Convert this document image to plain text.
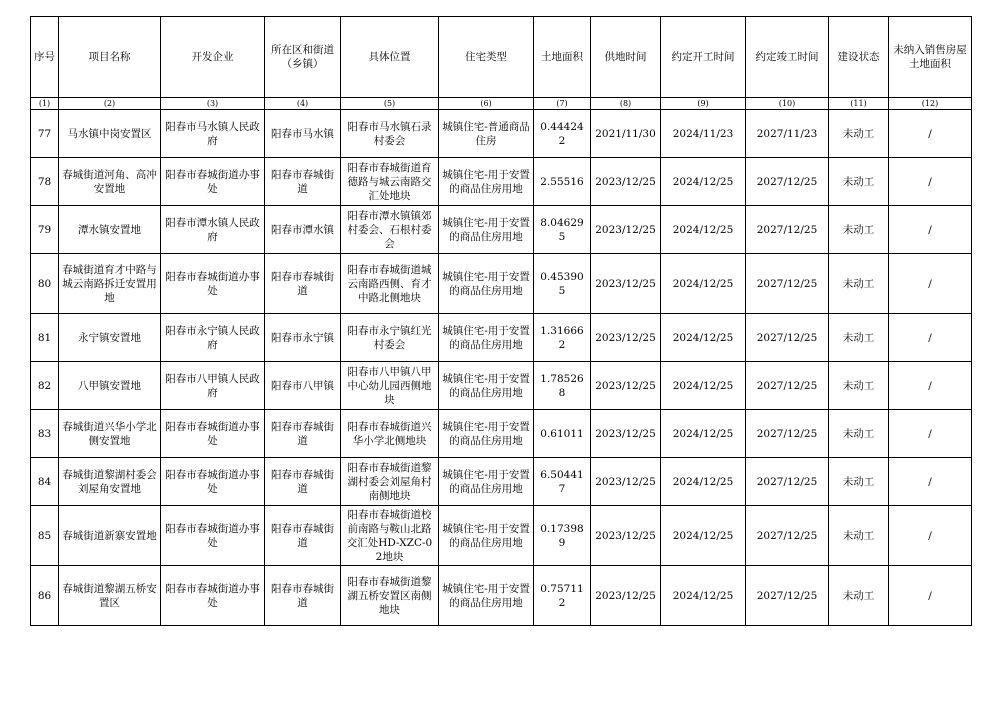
序号	项目名称	开发企业	所在区和街道（乡镇）	具体位置	住宅类型	土地面积	供地时间	约定开工时间	约定竣工时间	建设状态	未纳入销售房屋土地面积
(1)	(2)	(3)	(4)	(5)	(6)	(7)	(8)	(9)	(10)	(11)	(12)
77	马水镇中岗安置区	阳春市马水镇人民政府	阳春市马水镇	阳春市马水镇石录村委会	城镇住宅-普通商品住房	0.444242	2021/11/30	2024/11/23	2027/11/23	未动工	/
78	春城街道河角、高冲安置地	阳春市春城街道办事处	阳春市春城街道	阳春市春城街道育德路与城云南路交汇处地块	城镇住宅-用于安置的商品住房用地	2.55516	2023/12/25	2024/12/25	2027/12/25	未动工	/
79	潭水镇安置地	阳春市潭水镇人民政府	阳春市潭水镇	阳春市潭水镇镇郊村委会、石根村委会	城镇住宅-用于安置的商品住房用地	8.046295	2023/12/25	2024/12/25	2027/12/25	未动工	/
80	春城街道育才中路与城云南路拆迁安置用地	阳春市春城街道办事处	阳春市春城街道	阳春市春城街道城云南路西侧、育才中路北侧地块	城镇住宅-用于安置的商品住房用地	0.453905	2023/12/25	2024/12/25	2027/12/25	未动工	/
81	永宁镇安置地	阳春市永宁镇人民政府	阳春市永宁镇	阳春市永宁镇红光村委会	城镇住宅-用于安置的商品住房用地	1.316662	2023/12/25	2024/12/25	2027/12/25	未动工	/
82	八甲镇安置地	阳春市八甲镇人民政府	阳春市八甲镇	阳春市八甲镇八甲中心幼儿园西侧地块	城镇住宅-用于安置的商品住房用地	1.785268	2023/12/25	2024/12/25	2027/12/25	未动工	/
83	春城街道兴华小学北侧安置地	阳春市春城街道办事处	阳春市春城街道	阳春市春城街道兴华小学北侧地块	城镇住宅-用于安置的商品住房用地	0.61011	2023/12/25	2024/12/25	2027/12/25	未动工	/
84	春城街道黎湖村委会刘屋角安置地	阳春市春城街道办事处	阳春市春城街道	阳春市春城街道黎湖村委会刘屋角村南侧地块	城镇住宅-用于安置的商品住房用地	6.504417	2023/12/25	2024/12/25	2027/12/25	未动工	/
85	春城街道新寨安置地	阳春市春城街道办事处	阳春市春城街道	阳春市春城街道校前南路与鞍山北路交汇处HD-XZC-02地块	城镇住宅-用于安置的商品住房用地	0.173989	2023/12/25	2024/12/25	2027/12/25	未动工	/
86	春城街道黎湖五桥安置区	阳春市春城街道办事处	阳春市春城街道	阳春市春城街道黎湖五桥安置区南侧地块	城镇住宅-用于安置的商品住房用地	0.757112	2023/12/25	2024/12/25	2027/12/25	未动工	/
